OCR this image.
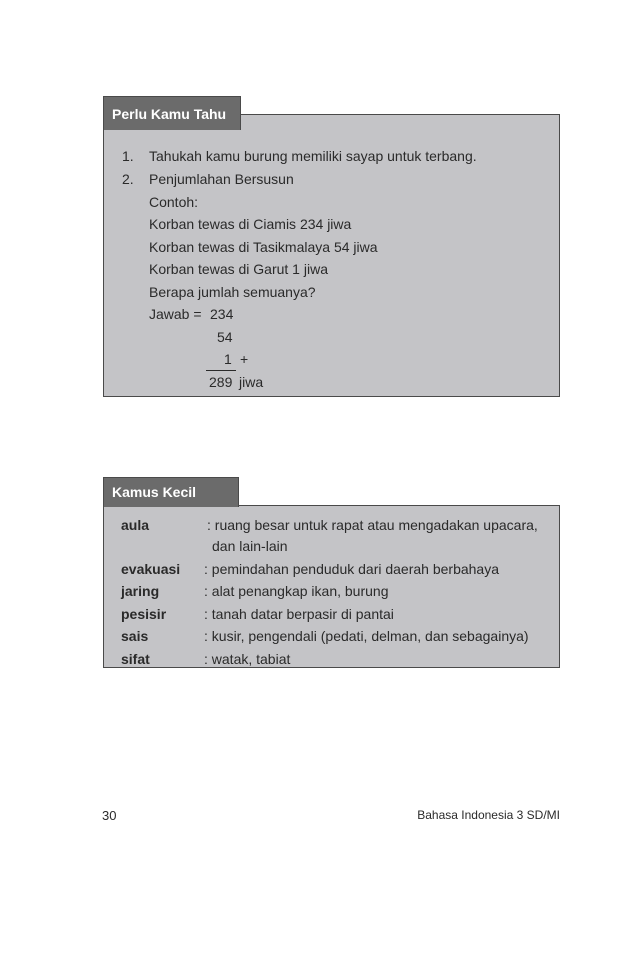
Perlu Kamu Tahu
1. Tahukah kamu burung memiliki sayap untuk terbang.
2. Penjumlahan Bersusun
Contoh:
Korban tewas di Ciamis 234 jiwa
Korban tewas di Tasikmalaya 54 jiwa
Korban tewas di Garut 1 jiwa
Berapa jumlah semuanya?
Jawab = 234
54
1 +
289 jiwa
Kamus Kecil
aula	: ruang besar untuk rapat atau mengadakan upacara,
dan lain-lain
evakuasi : pemindahan penduduk dari daerah berbahaya
jaring	: alat penangkap ikan, burung
pesisir	: tanah datar berpasir di pantai
sais	: kusir, pengendali (pedati, delman, dan sebagainya)
sifat	: watak, tabiat
30	Bahasa Indonesia 3 SD/MI
